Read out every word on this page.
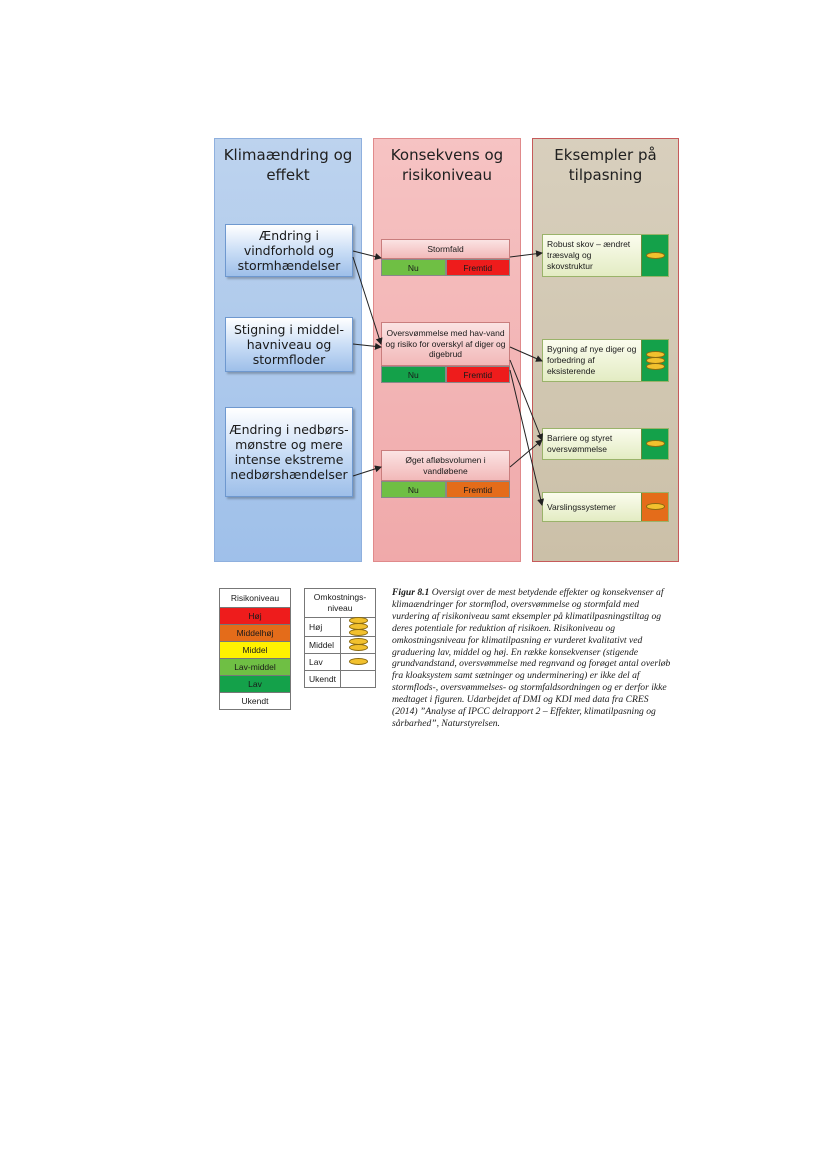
Klimaændring og effekt
Konsekvens og risikoniveau
Eksempler på tilpasning
Ændring i vindforhold og stormhændelser
Stigning i middel-havniveau og stormfloder
Ændring i nedbørs-mønstre og mere intense ekstreme nedbørshændelser
Stormfald
Nu	Fremtid
Oversvømmelse med hav-vand og risiko for overskyl af diger og digebrud
Nu	Fremtid
Øget afløbsvolumen i vandløbene
Nu	Fremtid
Robust skov – ændret træsvalg og skovstruktur
Bygning af nye diger og forbedring af eksisterende
Barriere og styret oversvømmelse
Varslingssystemer
Risikoniveau
Høj
Middelhøj
Middel
Lav-middel
Lav
Ukendt
Omkostnings-niveau	
Høj	

Middel	

Lav	

Ukendt	
Figur 8.1 Oversigt over de mest betydende effekter og konsekvenser af klimaændringer for stormflod, oversvømmelse og stormfald med vurdering af risikoniveau samt eksempler på klimatilpasningstiltag og deres potentiale for reduktion af risikoen. Risikoniveau og omkostningsniveau for klimatilpasning er vurderet kvalitativt ved graduering lav, middel og høj. En række konsekvenser (stigende grundvandstand, oversvømmelse med regnvand og forøget antal overløb fra kloaksystem samt sætninger og underminering) er ikke del af stormflods-, oversvømmelses- og stormfaldsordningen og er derfor ikke medtaget i figuren. Udarbejdet af DMI og KDI med data fra CRES (2014) ”Analyse af IPCC delrapport 2 – Effekter, klimatilpasning og sårbarhed”, Naturstyrelsen.
